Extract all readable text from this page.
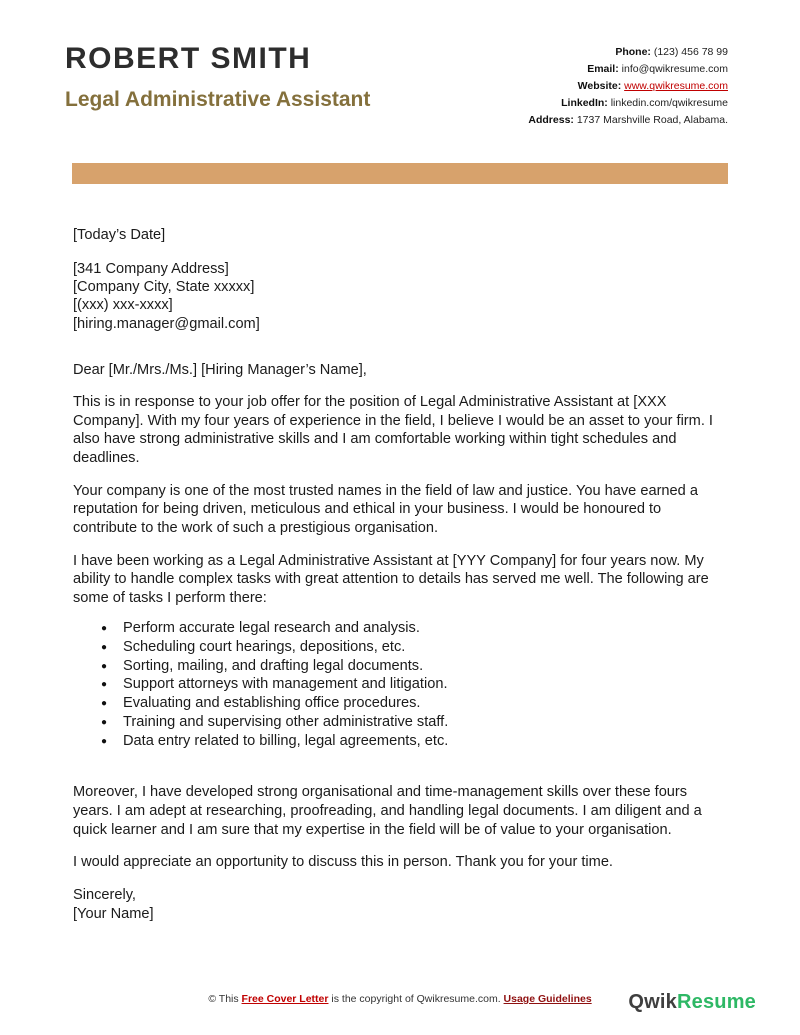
ROBERT SMITH
Legal Administrative Assistant
Phone: (123) 456 78 99
Email: info@qwikresume.com
Website: www.qwikresume.com
LinkedIn: linkedin.com/qwikresume
Address: 1737 Marshville Road, Alabama.
[Today’s Date]
[341 Company Address]
[Company City, State xxxxx]
[(xxx) xxx-xxxx]
[hiring.manager@gmail.com]
Dear [Mr./Mrs./Ms.] [Hiring Manager’s Name],

This is in response to your job offer for the position of Legal Administrative Assistant at [XXX Company]. With my four years of experience in the field, I believe I would be an asset to your firm. I also have strong administrative skills and I am comfortable working within tight schedules and deadlines.

Your company is one of the most trusted names in the field of law and justice. You have earned a reputation for being driven, meticulous and ethical in your business. I would be honoured to contribute to the work of such a prestigious organisation.

I have been working as a Legal Administrative Assistant at [YYY Company] for four years now. My ability to handle complex tasks with great attention to details has served me well. The following are some of tasks I perform there:

● Perform accurate legal research and analysis.
● Scheduling court hearings, depositions, etc.
● Sorting, mailing, and drafting legal documents.
● Support attorneys with management and litigation.
● Evaluating and establishing office procedures.
● Training and supervising other administrative staff.
● Data entry related to billing, legal agreements, etc.

Moreover, I have developed strong organisational and time-management skills over these fours years. I am adept at researching, proofreading, and handling legal documents. I am diligent and a quick learner and I am sure that my expertise in the field will be of value to your organisation.

I would appreciate an opportunity to discuss this in person. Thank you for your time.

Sincerely,
[Your Name]
© This Free Cover Letter is the copyright of Qwikresume.com. Usage Guidelines	QwikResume
